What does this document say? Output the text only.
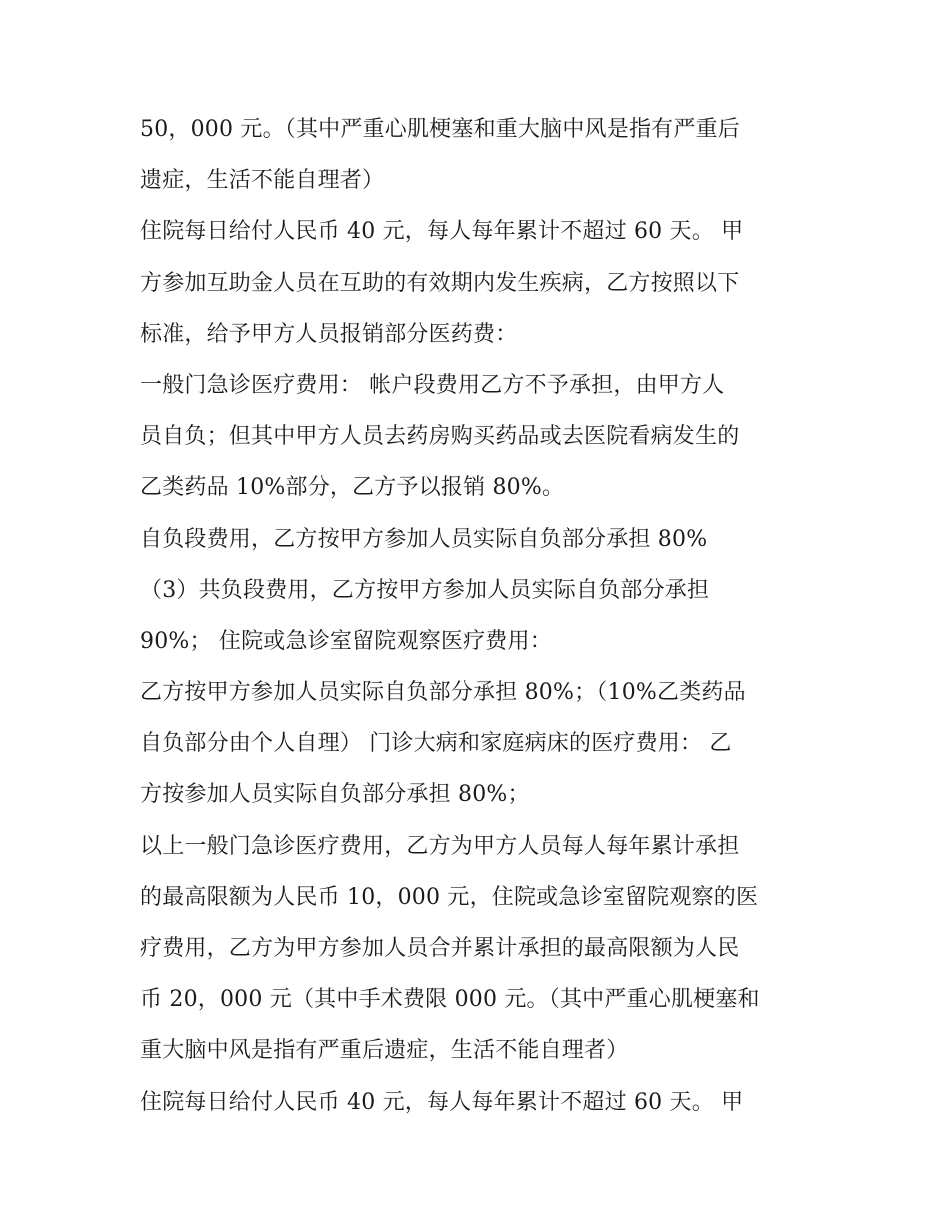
50，000 元。（其中严重心肌梗塞和重大脑中风是指有严重后
遗症，生活不能自理者）
住院每日给付人民币 40 元，每人每年累计不超过 60 天。 甲
方参加互助金人员在互助的有效期内发生疾病，乙方按照以下
标准，给予甲方人员报销部分医药费：
一般门急诊医疗费用： 帐户段费用乙方不予承担，由甲方人
员自负；但其中甲方人员去药房购买药品或去医院看病发生的
乙类药品 10%部分，乙方予以报销 80%。
自负段费用，乙方按甲方参加人员实际自负部分承担 80%
（3）共负段费用，乙方按甲方参加人员实际自负部分承担
90%； 住院或急诊室留院观察医疗费用：
乙方按甲方参加人员实际自负部分承担 80%；（10%乙类药品
自负部分由个人自理） 门诊大病和家庭病床的医疗费用： 乙
方按参加人员实际自负部分承担 80%；
以上一般门急诊医疗费用，乙方为甲方人员每人每年累计承担
的最高限额为人民币 10，000 元，住院或急诊室留院观察的医
疗费用，乙方为甲方参加人员合并累计承担的最高限额为人民
币 20，000 元（其中手术费限 000 元。（其中严重心肌梗塞和
重大脑中风是指有严重后遗症，生活不能自理者）
住院每日给付人民币 40 元，每人每年累计不超过 60 天。 甲
